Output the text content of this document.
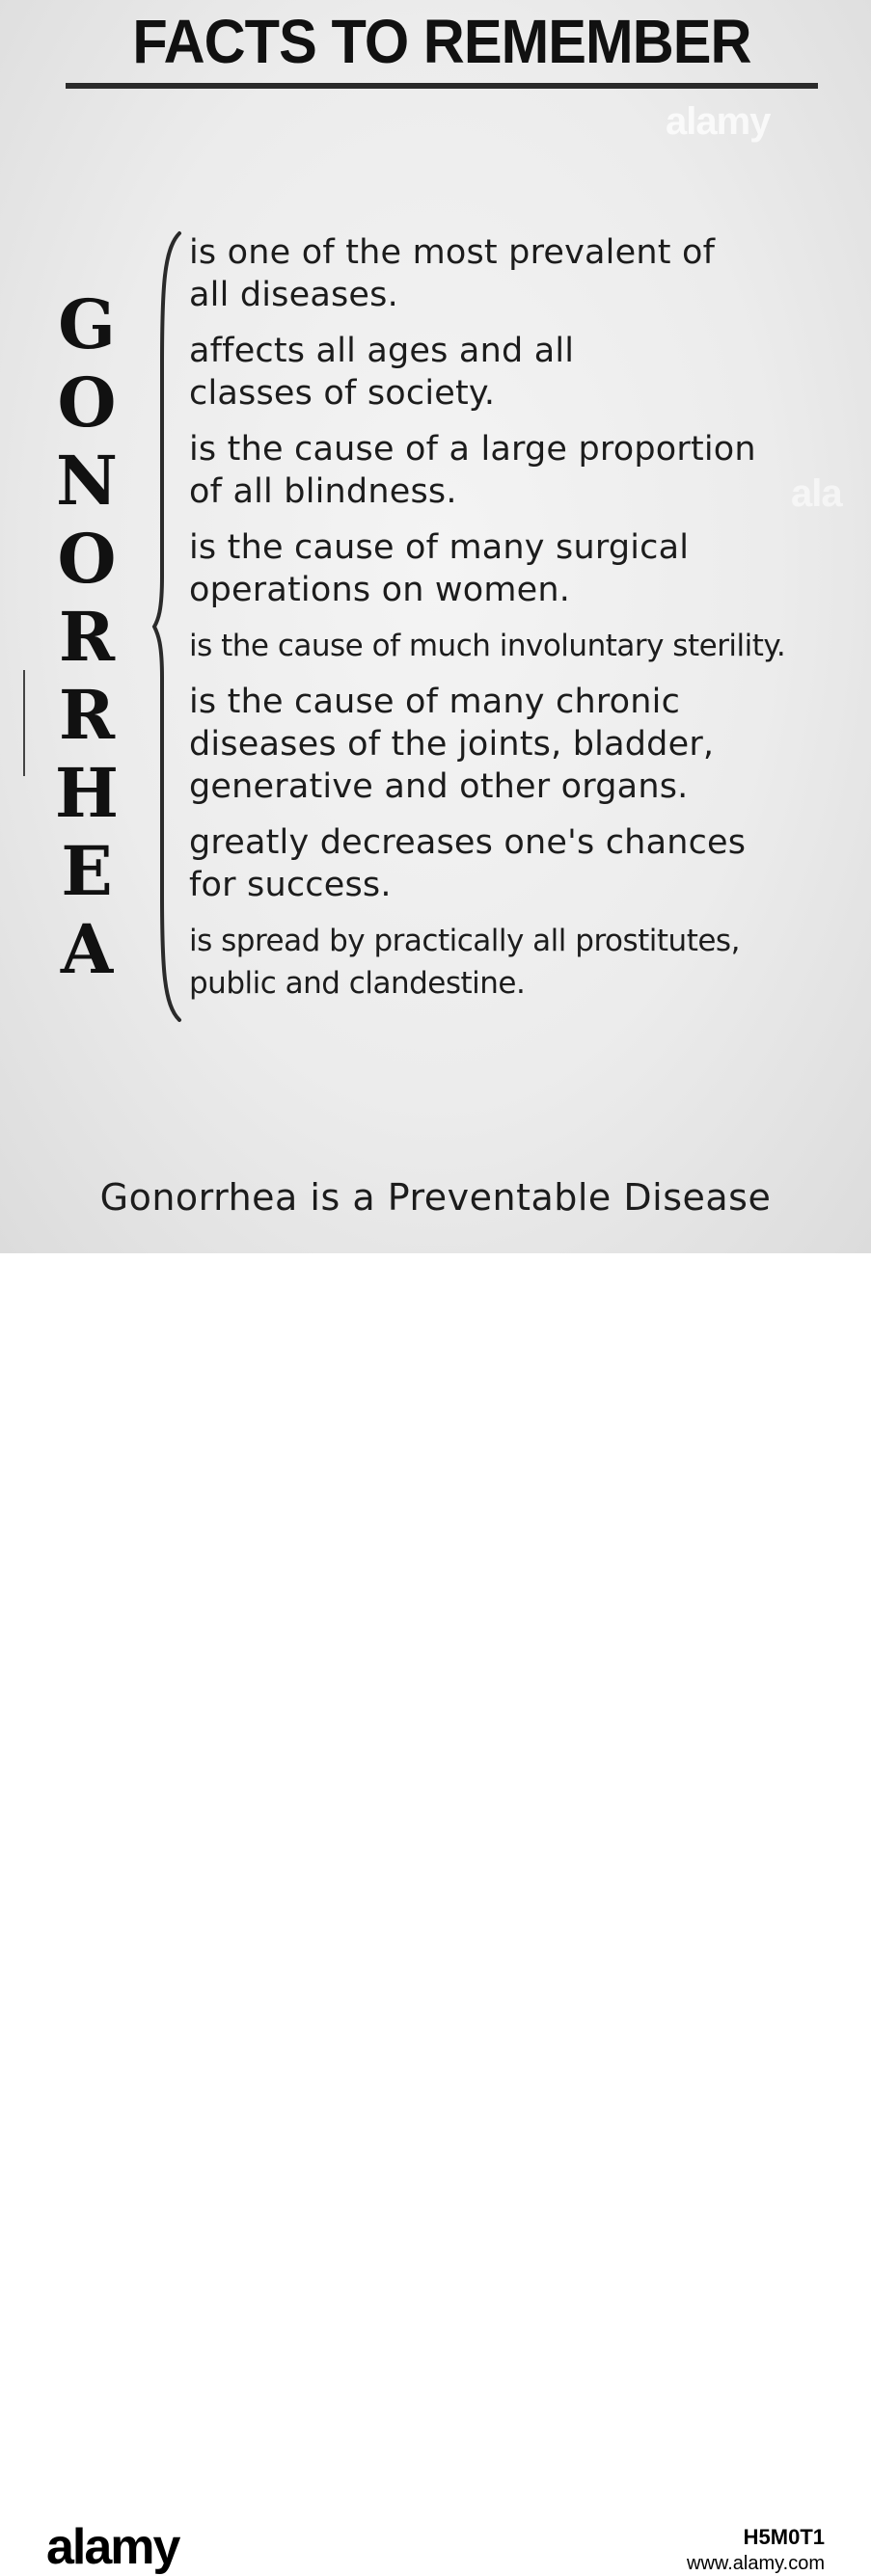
FACTS TO REMEMBER
alamy
ala
G
O
N
O
R
R
H
E
A
is one of the most prevalent of
all diseases.
affects all ages and all
classes of society.
is the cause of a large proportion
of all blindness.
is the cause of many surgical
operations on women.
is the cause of much involuntary sterility.
is the cause of many chronic
diseases of the joints, bladder,
generative and other organs.
greatly decreases one's chances
for success.
is spread by practically all prostitutes,
public and clandestine.
Gonorrhea is a Preventable Disease
alamy	H5M0T1
www.alamy.com
